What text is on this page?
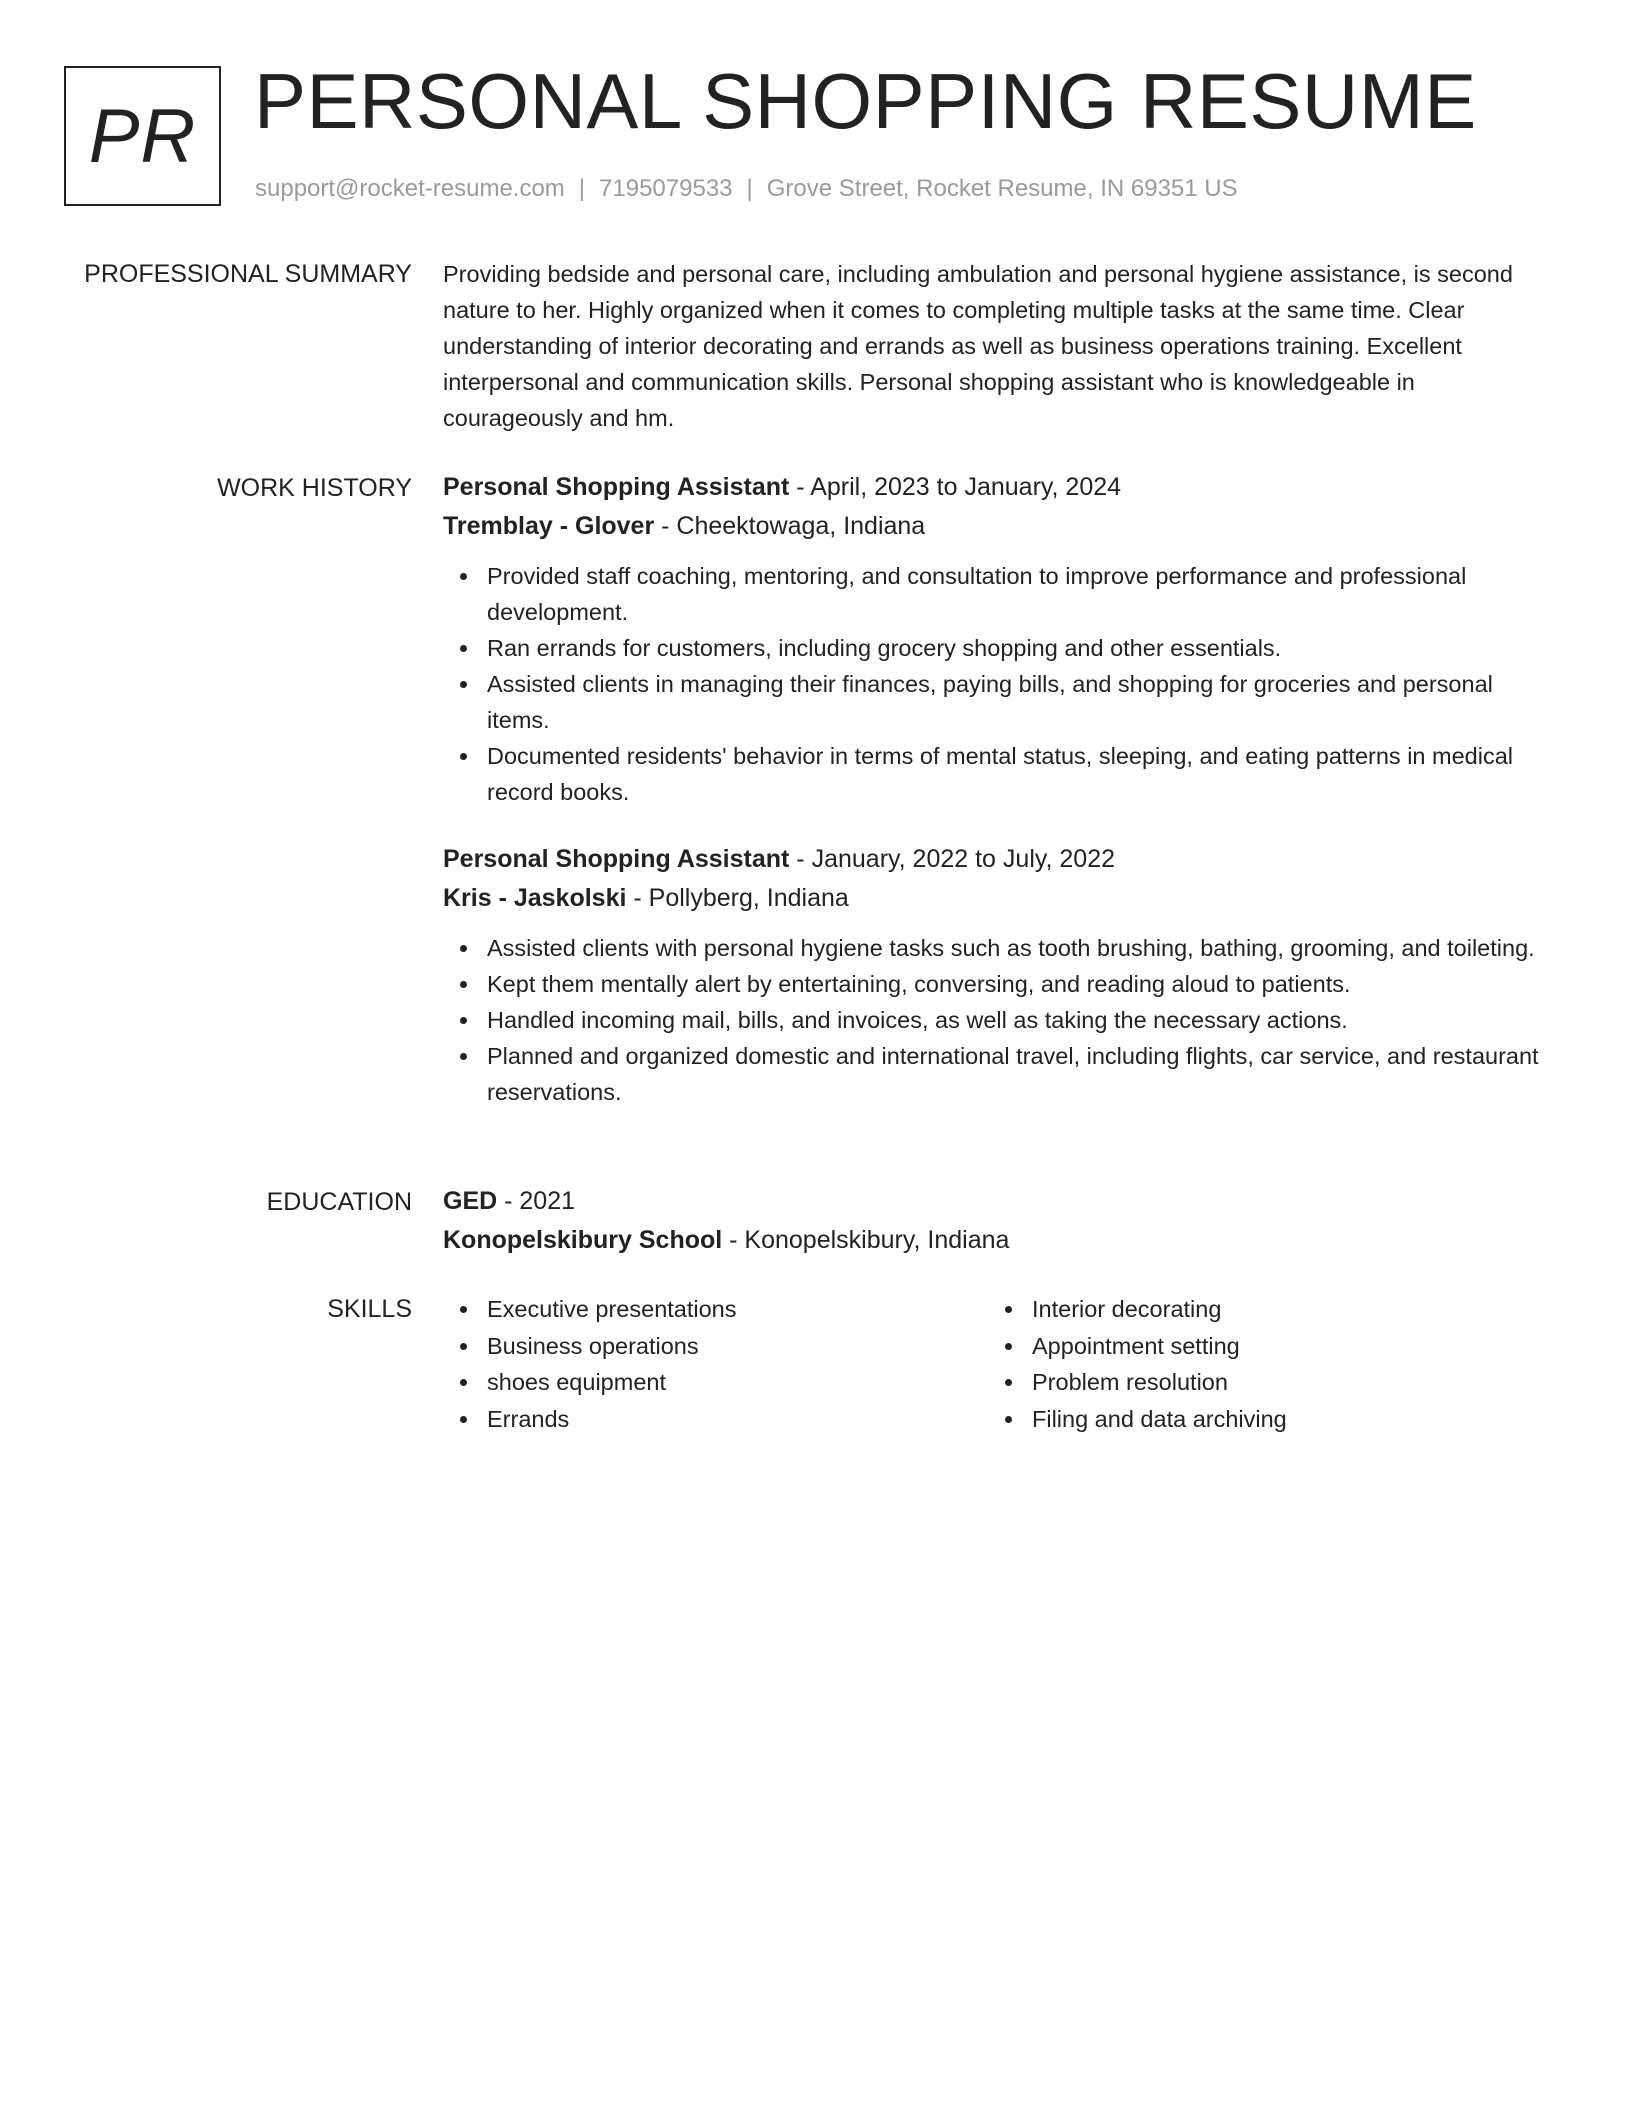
PR PERSONAL SHOPPING RESUME
support@rocket-resume.com | 7195079533 | Grove Street, Rocket Resume, IN 69351 US
PROFESSIONAL SUMMARY Providing bedside and personal care, including ambulation and personal hygiene assistance, is second nature to her. Highly organized when it comes to completing multiple tasks at the same time. Clear understanding of interior decorating and errands as well as business operations training. Excellent interpersonal and communication skills. Personal shopping assistant who is knowledgeable in courageously and hm.

WORK HISTORY Personal Shopping Assistant - April, 2023 to January, 2024
Tremblay - Glover - Cheektowaga, Indiana
Provided staff coaching, mentoring, and consultation to improve performance and professional development.
Ran errands for customers, including grocery shopping and other essentials.
Assisted clients in managing their finances, paying bills, and shopping for groceries and personal items.
Documented residents' behavior in terms of mental status, sleeping, and eating patterns in medical record books.
Personal Shopping Assistant - January, 2022 to July, 2022
Kris - Jaskolski - Pollyberg, Indiana
Assisted clients with personal hygiene tasks such as tooth brushing, bathing, grooming, and toileting.
Kept them mentally alert by entertaining, conversing, and reading aloud to patients.
Handled incoming mail, bills, and invoices, as well as taking the necessary actions.
Planned and organized domestic and international travel, including flights, car service, and restaurant reservations.
EDUCATION GED - 2021
Konopelskibury School - Konopelskibury, Indiana
SKILLS	Executive presentations
Business operations
shoes equipment
Errands
Interior decorating
Appointment setting
Problem resolution
Filing and data archiving
